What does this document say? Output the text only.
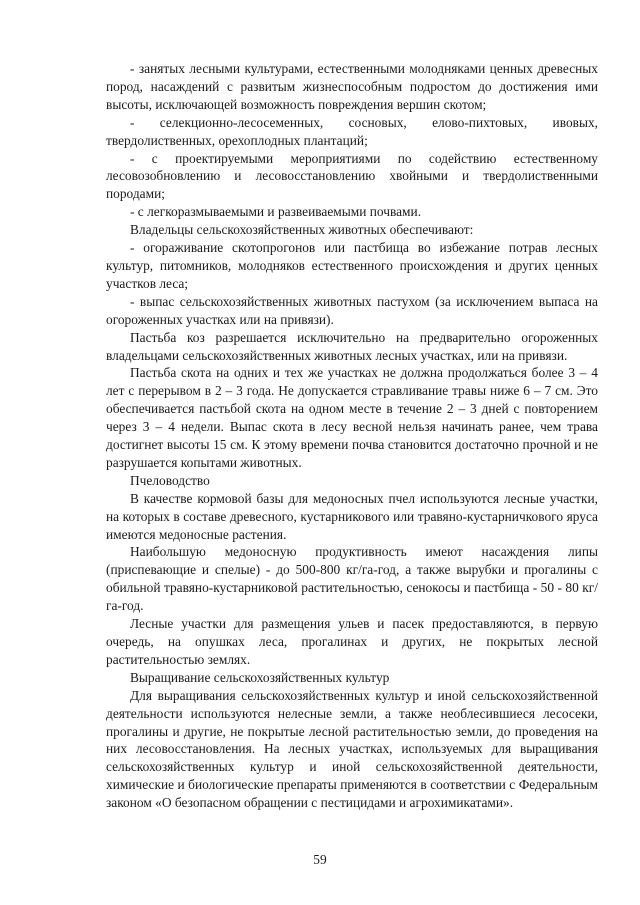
- занятых лесными культурами, естественными молодняками ценных древесных пород, насаждений с развитым жизнеспособным подростом до достижения ими высоты, исключающей возможность повреждения вершин скотом;

- селекционно-лесосеменных, сосновых, елово-пихтовых, ивовых, твердолиственных, орехоплодных плантаций;

- с проектируемыми мероприятиями по содействию естественному лесовозобновлению и лесовосстановлению хвойными и твердолиственными породами;

- с легкоразмываемыми и развеиваемыми почвами.

Владельцы сельскохозяйственных животных обеспечивают:

- огораживание скотопрогонов или пастбища во избежание потрав лесных культур, питомников, молодняков естественного происхождения и других ценных участков леса;

- выпас сельскохозяйственных животных пастухом (за исключением выпаса на огороженных участках или на привязи).

Пастьба коз разрешается исключительно на предварительно огороженных владельцами сельскохозяйственных животных лесных участках, или на привязи.

Пастьба скота на одних и тех же участках не должна продолжаться более 3 – 4 лет с перерывом в 2 – 3 года. Не допускается стравливание травы ниже 6 – 7 см. Это обеспечивается пастьбой скота на одном месте в течение 2 – 3 дней с повторением через 3 – 4 недели. Выпас скота в лесу весной нельзя начинать ранее, чем трава достигнет высоты 15 см. К этому времени почва становится достаточно прочной и не разрушается копытами животных.

Пчеловодство

В качестве кормовой базы для медоносных пчел используются лесные участки, на которых в составе древесного, кустарникового или травяно-кустарничкового яруса имеются медоносные растения.

Наибольшую медоносную продуктивность имеют насаждения липы (приспевающие и спелые) - до 500-800 кг/га-год, а также вырубки и прогалины с обильной травяно-кустарниковой растительностью, сенокосы и пастбища - 50 - 80 кг/га-год.

Лесные участки для размещения ульев и пасек предоставляются, в первую очередь, на опушках леса, прогалинах и других, не покрытых лесной растительностью землях.

Выращивание сельскохозяйственных культур

Для выращивания сельскохозяйственных культур и иной сельскохозяйственной деятельности используются нелесные земли, а также необлесившиеся лесосеки, прогалины и другие, не покрытые лесной растительностью земли, до проведения на них лесовосстановления. На лесных участках, используемых для выращивания сельскохозяйственных культур и иной сельскохозяйственной деятельности, химические и биологические препараты применяются в соответствии с Федеральным законом «О безопасном обращении с пестицидами и агрохимикатами».

59
